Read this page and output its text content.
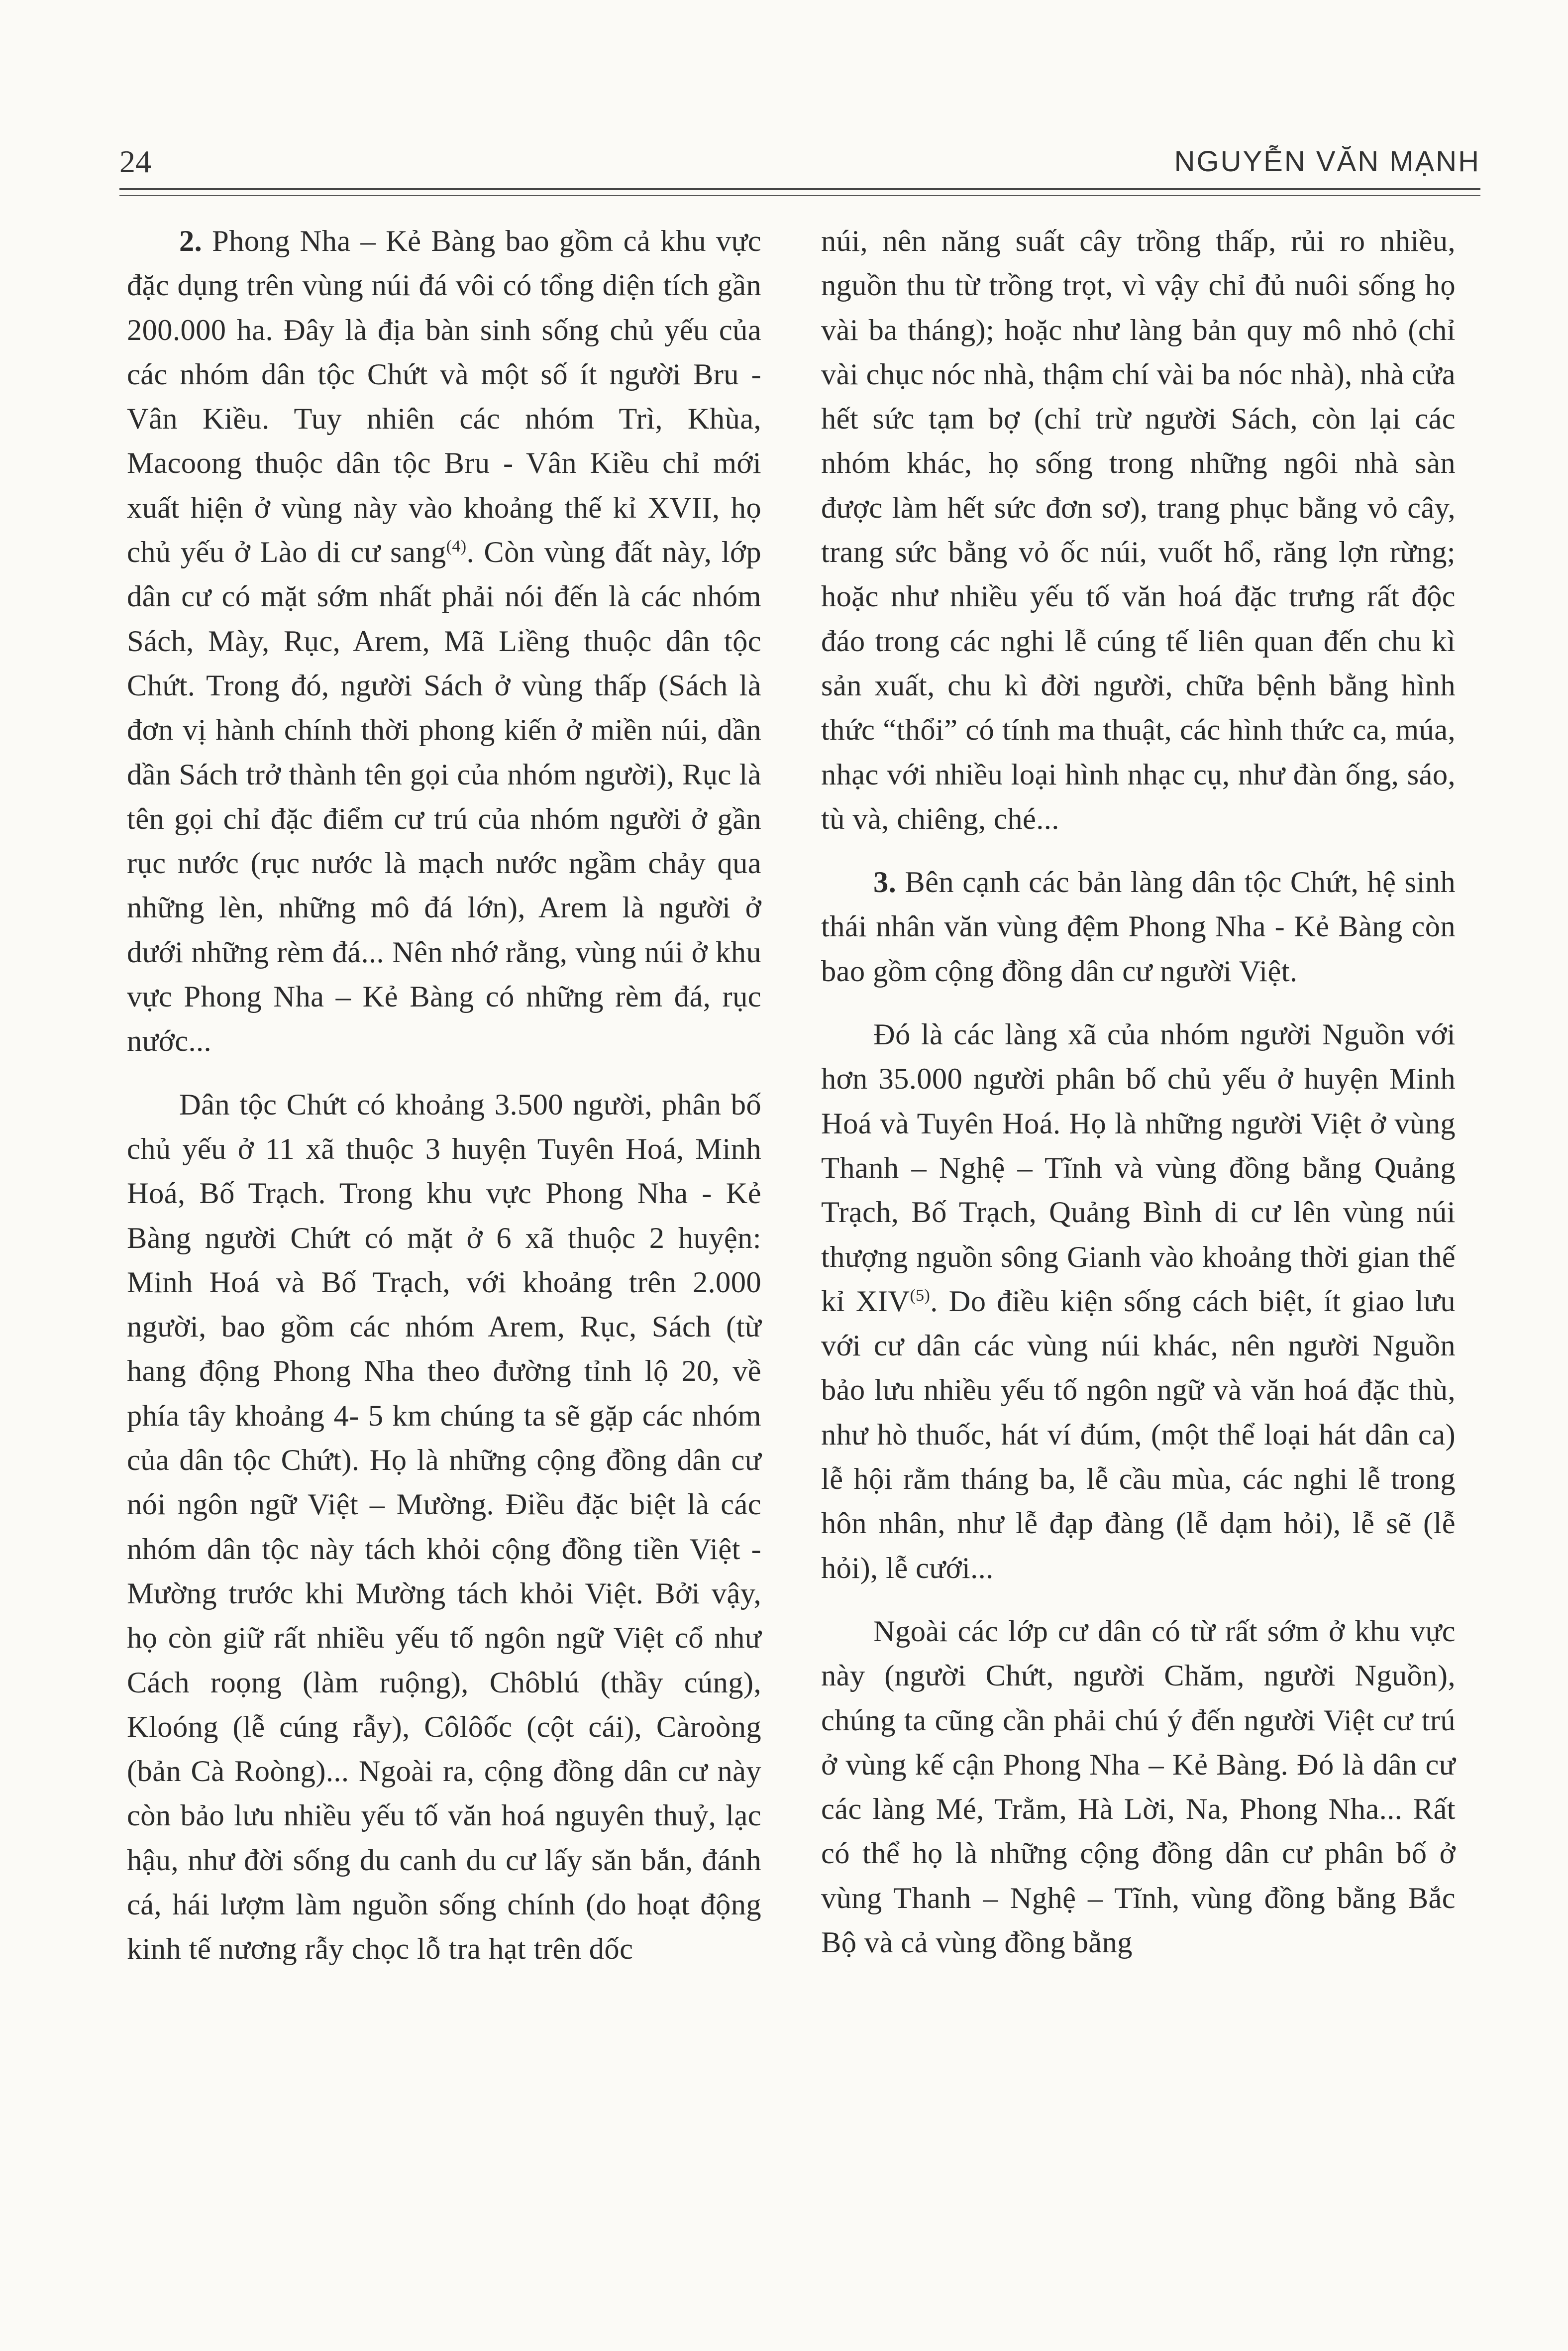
24	NGUYỄN VĂN MẠNH

2. Phong Nha – Kẻ Bàng bao gồm cả khu vực đặc dụng trên vùng núi đá vôi có tổng diện tích gần 200.000 ha. Đây là địa bàn sinh sống chủ yếu của các nhóm dân tộc Chứt và một số ít người Bru - Vân Kiều. Tuy nhiên các nhóm Trì, Khùa, Macoong thuộc dân tộc Bru - Vân Kiều chỉ mới xuất hiện ở vùng này vào khoảng thế kỉ XVII, họ chủ yếu ở Lào di cư sang$^{(4)}$. Còn vùng đất này, lớp dân cư có mặt sớm nhất phải nói đến là các nhóm Sách, Mày, Rục, Arem, Mã Liềng thuộc dân tộc Chứt. Trong đó, người Sách ở vùng thấp (Sách là đơn vị hành chính thời phong kiến ở miền núi, dần dần Sách trở thành tên gọi của nhóm người), Rục là tên gọi chỉ đặc điểm cư trú của nhóm người ở gần rục nước (rục nước là mạch nước ngầm chảy qua những lèn, những mô đá lớn), Arem là người ở dưới những rèm đá... Nên nhớ rằng, vùng núi ở khu vực Phong Nha – Kẻ Bàng có những rèm đá, rục nước...

Dân tộc Chứt có khoảng 3.500 người, phân bố chủ yếu ở 11 xã thuộc 3 huyện Tuyên Hoá, Minh Hoá, Bố Trạch. Trong khu vực Phong Nha - Kẻ Bàng người Chứt có mặt ở 6 xã thuộc 2 huyện: Minh Hoá và Bố Trạch, với khoảng trên 2.000 người, bao gồm các nhóm Arem, Rục, Sách (từ hang động Phong Nha theo đường tỉnh lộ 20, về phía tây khoảng 4- 5 km chúng ta sẽ gặp các nhóm của dân tộc Chứt). Họ là những cộng đồng dân cư nói ngôn ngữ Việt – Mường. Điều đặc biệt là các nhóm dân tộc này tách khỏi cộng đồng tiền Việt - Mường trước khi Mường tách khỏi Việt. Bởi vậy, họ còn giữ rất nhiều yếu tố ngôn ngữ Việt cổ như Cách roọng (làm ruộng), Chôblú (thầy cúng), Kloóng (lễ cúng rẫy), Côlôốc (cột cái), Càroòng (bản Cà Roòng)... Ngoài ra, cộng đồng dân cư này còn bảo lưu nhiều yếu tố văn hoá nguyên thuỷ, lạc hậu, như đời sống du canh du cư lấy săn bắn, đánh cá, hái lượm làm nguồn sống chính (do hoạt động kinh tế nương rẫy chọc lỗ tra hạt trên dốc

núi, nên năng suất cây trồng thấp, rủi ro nhiều, nguồn thu từ trồng trọt, vì vậy chỉ đủ nuôi sống họ vài ba tháng); hoặc như làng bản quy mô nhỏ (chỉ vài chục nóc nhà, thậm chí vài ba nóc nhà), nhà cửa hết sức tạm bợ (chỉ trừ người Sách, còn lại các nhóm khác, họ sống trong những ngôi nhà sàn được làm hết sức đơn sơ), trang phục bằng vỏ cây, trang sức bằng vỏ ốc núi, vuốt hổ, răng lợn rừng; hoặc như nhiều yếu tố văn hoá đặc trưng rất độc đáo trong các nghi lễ cúng tế liên quan đến chu kì sản xuất, chu kì đời người, chữa bệnh bằng hình thức “thổi” có tính ma thuật, các hình thức ca, múa, nhạc với nhiều loại hình nhạc cụ, như đàn ống, sáo, tù và, chiêng, ché...

3. Bên cạnh các bản làng dân tộc Chứt, hệ sinh thái nhân văn vùng đệm Phong Nha - Kẻ Bàng còn bao gồm cộng đồng dân cư người Việt.

Đó là các làng xã của nhóm người Nguồn với hơn 35.000 người phân bố chủ yếu ở huyện Minh Hoá và Tuyên Hoá. Họ là những người Việt ở vùng Thanh – Nghệ – Tĩnh và vùng đồng bằng Quảng Trạch, Bố Trạch, Quảng Bình di cư lên vùng núi thượng nguồn sông Gianh vào khoảng thời gian thế kỉ XIV$^{(5)}$. Do điều kiện sống cách biệt, ít giao lưu với cư dân các vùng núi khác, nên người Nguồn bảo lưu nhiều yếu tố ngôn ngữ và văn hoá đặc thù, như hò thuốc, hát ví đúm, (một thể loại hát dân ca) lễ hội rằm tháng ba, lễ cầu mùa, các nghi lễ trong hôn nhân, như lễ đạp đàng (lễ dạm hỏi), lễ sẽ (lễ hỏi), lễ cưới...

Ngoài các lớp cư dân có từ rất sớm ở khu vực này (người Chứt, người Chăm, người Nguồn), chúng ta cũng cần phải chú ý đến người Việt cư trú ở vùng kế cận Phong Nha – Kẻ Bàng. Đó là dân cư các làng Mé, Trằm, Hà Lời, Na, Phong Nha... Rất có thể họ là những cộng đồng dân cư phân bố ở vùng Thanh – Nghệ – Tĩnh, vùng đồng bằng Bắc Bộ và cả vùng đồng bằng
